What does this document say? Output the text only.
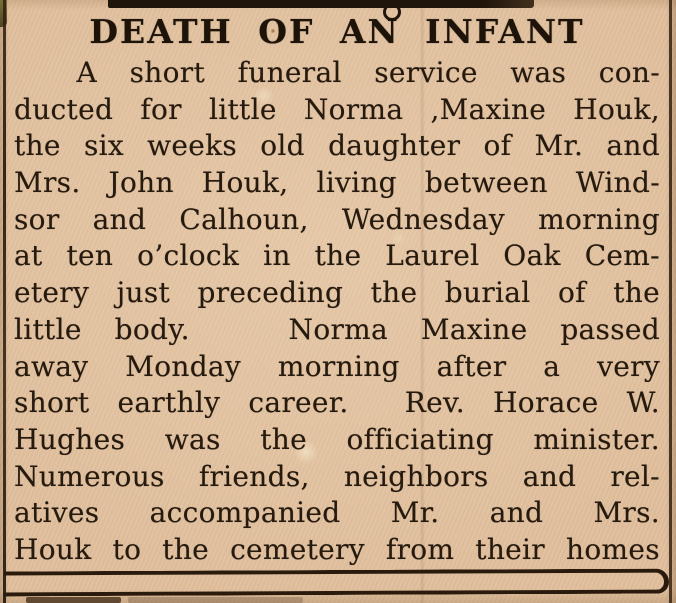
DEATH OF AN INFANT
A short funeral service was con-
ducted for little Norma ,Maxine Houk,
the six weeks old daughter of Mr. and
Mrs. John Houk, living between Wind-
sor and Calhoun, Wednesday morning
at ten o’clock in the Laurel Oak Cem-
etery just preceding the burial of the
little body.	Norma Maxine passed
away Monday morning after a very
short earthly career. Rev. Horace W.
Hughes was the officiating minister.
Numerous friends, neighbors and rel-
atives accompanied Mr. and Mrs.
Houk to the cemetery from their homes
